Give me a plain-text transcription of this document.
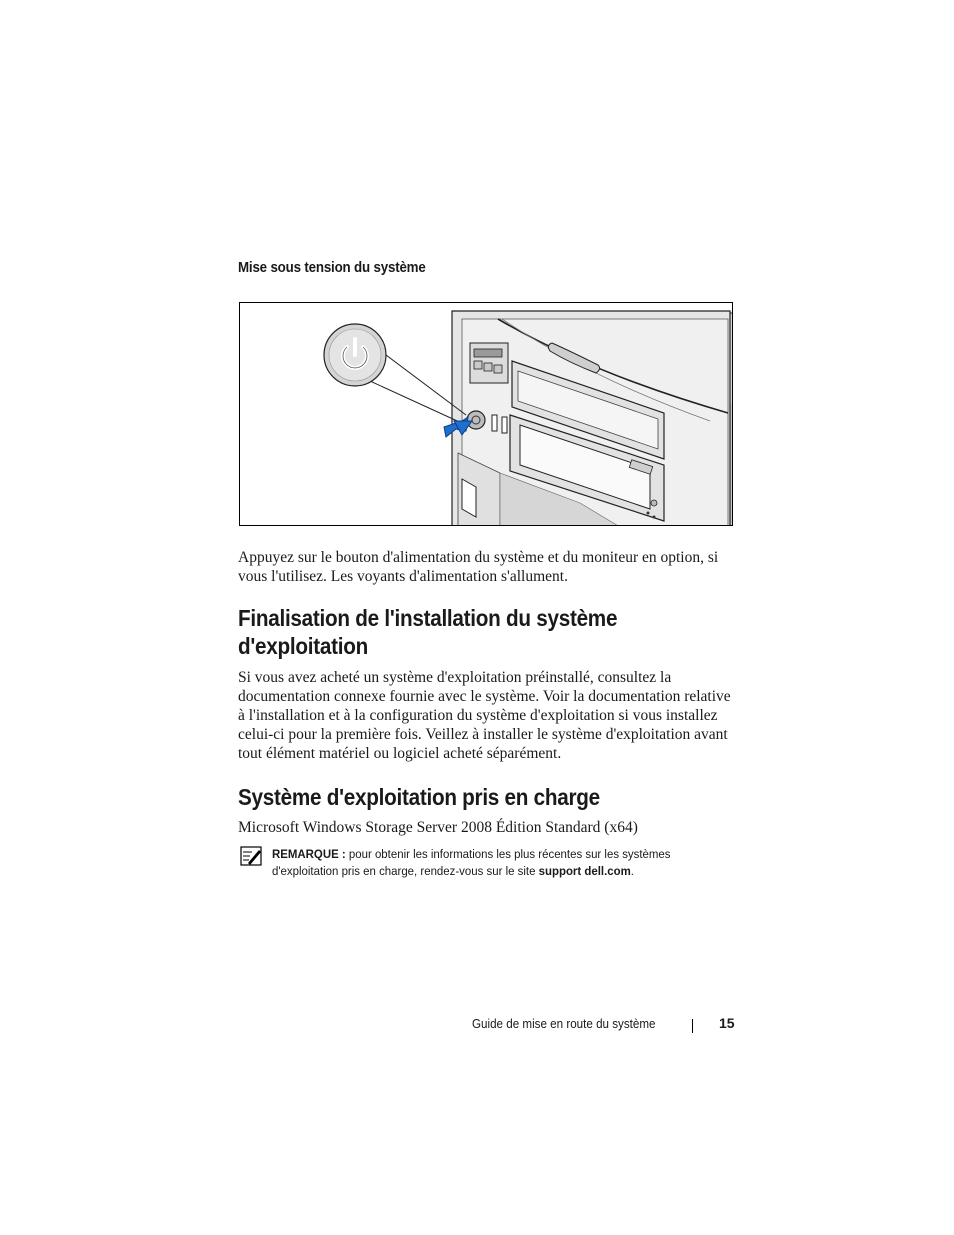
Mise sous tension du système
Appuyez sur le bouton d'alimentation du système et du moniteur en option, si vous l'utilisez. Les voyants d'alimentation s'allument.
Finalisation de l'installation du système d'exploitation
Si vous avez acheté un système d'exploitation préinstallé, consultez la documentation connexe fournie avec le système. Voir la documentation relative à l'installation et à la configuration du système d'exploitation si vous installez celui-ci pour la première fois. Veillez à installer le système d'exploitation avant tout élément matériel ou logiciel acheté séparément.
Système d'exploitation pris en charge
Microsoft Windows Storage Server 2008 Édition Standard (x64)
REMARQUE : pour obtenir les informations les plus récentes sur les systèmes d'exploitation pris en charge, rendez-vous sur le site support dell.com.
Guide de mise en route du système	15
